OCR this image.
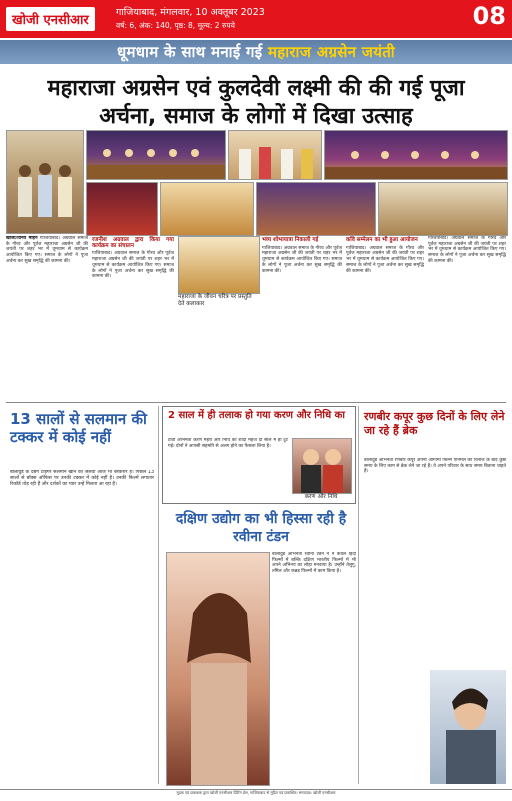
खोजी एनसीआर
गाजियाबाद, मंगलवार, 10 अक्तूबर 2023
वर्ष: 6, अंक: 140, पृष्ठ: 8, मूल्य: 2 रुपये	08
धूमधाम के साथ मनाई गई महाराज अग्रसेन जयंती
महाराजा अग्रसेन एवं कुलदेवी लक्ष्मी की की गई पूजा
अर्चना, समाज के लोगों में दिखा उत्साह
खोजी/विनय मोहन गाजियाबाद। अग्रवाल समाज के गौरव और पूर्वज महाराजा अग्रसेन जी की जयंती पर शहर भर में धूमधाम से कार्यक्रम आयोजित किए गए। समाज के लोगों ने पूजा अर्चना कर सुख समृद्धि की कामना की।
रजनीश अग्रवाल द्वारा किया गया कार्यक्रम का संचालन
गाजियाबाद। अग्रवाल समाज के गौरव और पूर्वज महाराजा अग्रसेन जी की जयंती पर शहर भर में धूमधाम से कार्यक्रम आयोजित किए गए। समाज के लोगों ने पूजा अर्चना कर सुख समृद्धि की कामना की।
महाराजा के जीवन चरित्र पर प्रस्तुति देते कलाकार
भव्य शोभायात्रा निकाली गई
गाजियाबाद। अग्रवाल समाज के गौरव और पूर्वज महाराजा अग्रसेन जी की जयंती पर शहर भर में धूमधाम से कार्यक्रम आयोजित किए गए। समाज के लोगों ने पूजा अर्चना कर सुख समृद्धि की कामना की।
कवि सम्मेलन का भी हुआ आयोजन
गाजियाबाद। अग्रवाल समाज के गौरव और पूर्वज महाराजा अग्रसेन जी की जयंती पर शहर भर में धूमधाम से कार्यक्रम आयोजित किए गए। समाज के लोगों ने पूजा अर्चना कर सुख समृद्धि की कामना की।
गाजियाबाद। अग्रवाल समाज के गौरव और पूर्वज महाराजा अग्रसेन जी की जयंती पर शहर भर में धूमधाम से कार्यक्रम आयोजित किए गए। समाज के लोगों ने पूजा अर्चना कर सुख समृद्धि की कामना की।
13 सालों से सलमान की टक्कर में कोई नहीं
बॉलीवुड के दबंग टाइगर सलमान खान का जलवा आज भी बरकरार है। पिछले 13 सालों से बॉक्स ऑफिस पर उनकी टक्कर में कोई नहीं है। उनकी फिल्में लगातार रिकॉर्ड तोड़ रही हैं और दर्शकों का प्यार उन्हें मिलता आ रहा है।
2 साल में ही तलाक हो गया करण और निधि का
टीवी अभिनेता करण मेहरा और निधि की शादी महज दो साल में ही टूट गई। दोनों ने आपसी सहमति से अलग होने का फैसला लिया है।
करण और निधि
दक्षिण उद्योग का भी हिस्सा रही है रवीना टंडन
बॉलीवुड अभिनेत्री रवीना टंडन ने न केवल हिंदी फिल्मों में बल्कि दक्षिण भारतीय फिल्मों में भी अपने अभिनय का लोहा मनवाया है। उन्होंने तेलुगु, तमिल और कन्नड़ फिल्मों में काम किया है।
रणबीर कपूर कुछ दिनों के लिए लेने जा रहे हैं ब्रेक
बॉलीवुड अभिनेता रणबीर कपूर अपनी आगामी फिल्म एनिमल की रिलीज के बाद कुछ समय के लिए काम से ब्रेक लेने जा रहे हैं। वे अपने परिवार के साथ समय बिताना चाहते हैं।
मुद्रक एवं प्रकाशक द्वारा खोजी एनसीआर प्रिंटिंग प्रेस, गाजियाबाद से मुद्रित एवं प्रकाशित। सम्पादक: खोजी एनसीआर
